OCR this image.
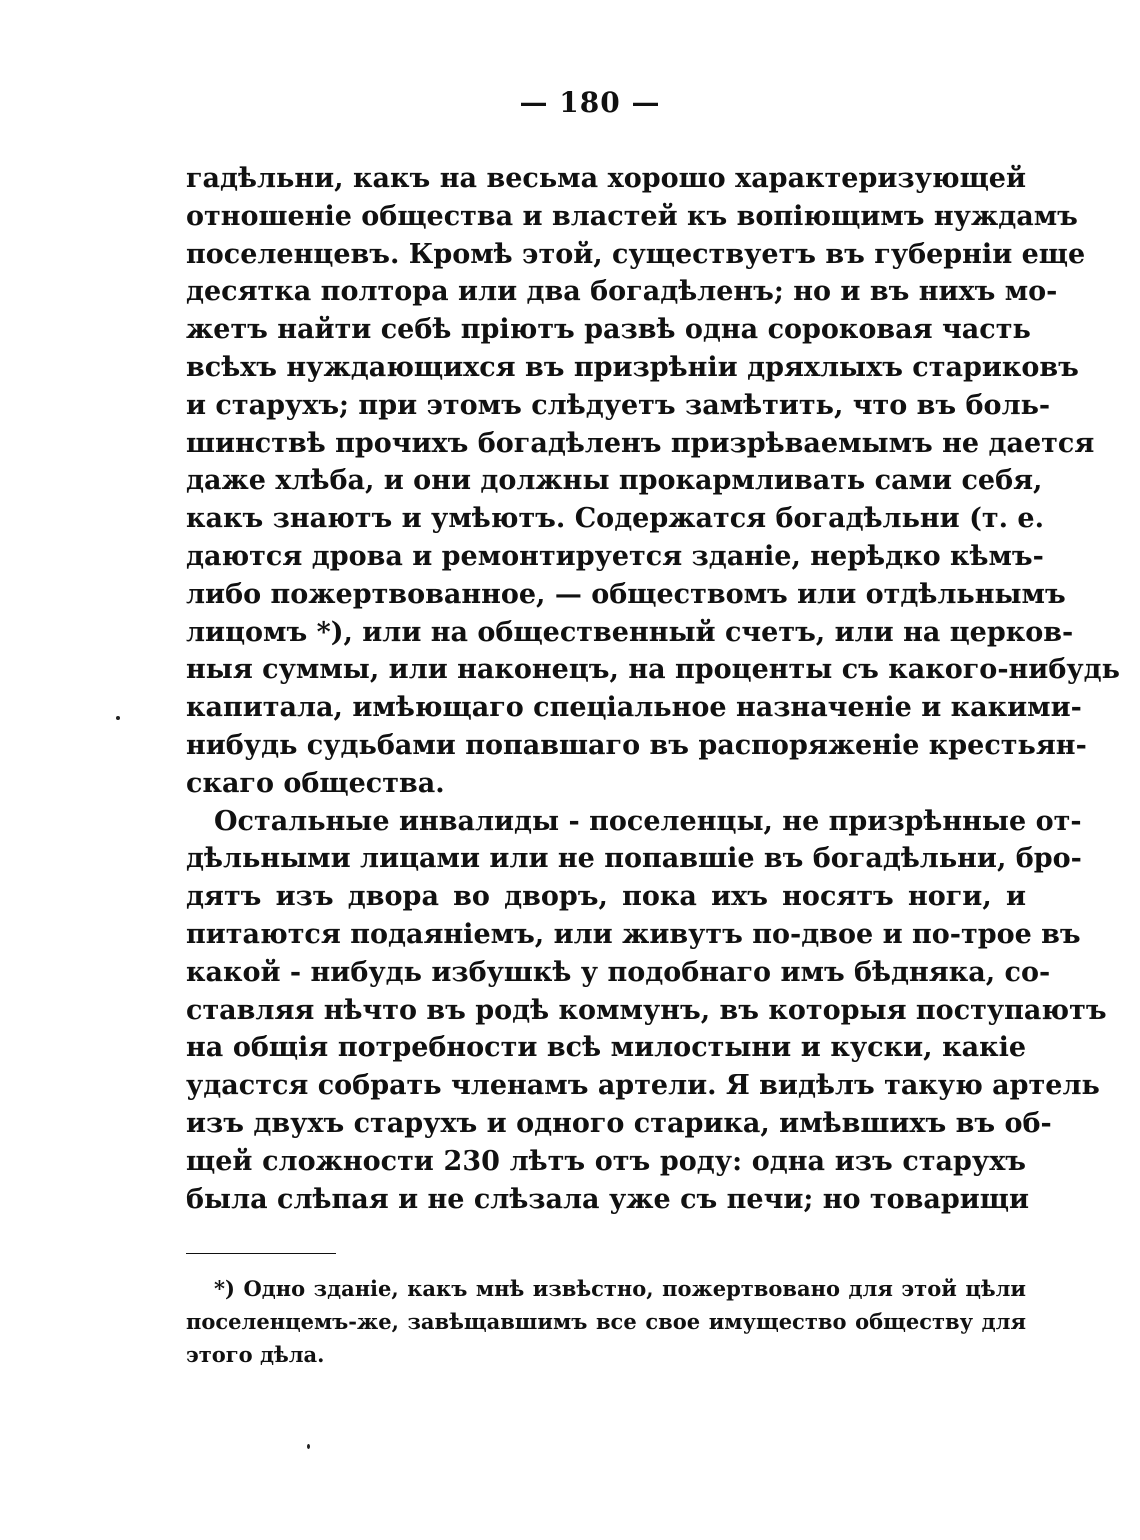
— 180 —
гадѣльни, какъ на весьма хорошо характеризующей
отношеніе общества и властей къ вопіющимъ нуждамъ
поселенцевъ. Кромѣ этой, существуетъ въ губерніи еще
десятка полтора или два богадѣленъ; но и въ нихъ мо-
жетъ найти себѣ пріютъ развѣ одна сороковая часть
всѣхъ нуждающихся въ призрѣніи дряхлыхъ стариковъ
и старухъ; при этомъ слѣдуетъ замѣтить, что въ боль-
шинствѣ прочихъ богадѣленъ призрѣваемымъ не дается
даже хлѣба, и они должны прокармливать сами себя,
какъ знаютъ и умѣютъ. Содержатся богадѣльни (т. е.
даются дрова и ремонтируется зданіе, нерѣдко кѣмъ-
либо пожертвованное, — обществомъ или отдѣльнымъ
лицомъ *), или на общественный счетъ, или на церков-
ныя суммы, или наконецъ, на проценты съ какого-нибудь
капитала, имѣющаго спеціальное назначеніе и какими-
нибудь судьбами попавшаго въ распоряженіе крестьян-
скаго общества.
Остальные инвалиды - поселенцы, не призрѣнные от-
дѣльными лицами или не попавшіе въ богадѣльни, бро-
дятъ изъ двора во дворъ, пока ихъ носятъ ноги, и
питаются подаяніемъ, или живутъ по-двое и по-трое въ
какой - нибудь избушкѣ у подобнаго имъ бѣдняка, со-
ставляя нѣчто въ родѣ коммунъ, въ которыя поступаютъ
на общія потребности всѣ милостыни и куски, какіе
удастся собрать членамъ артели. Я видѣлъ такую артель
изъ двухъ старухъ и одного старика, имѣвшихъ въ об-
щей сложности 230 лѣтъ отъ роду: одна изъ старухъ
была слѣпая и не слѣзала уже съ печи; но товарищи
*) Одно зданіе, какъ мнѣ извѣстно, пожертвовано для этой цѣли
поселенцемъ-же, завѣщавшимъ все свое имущество обществу для
этого дѣла.
